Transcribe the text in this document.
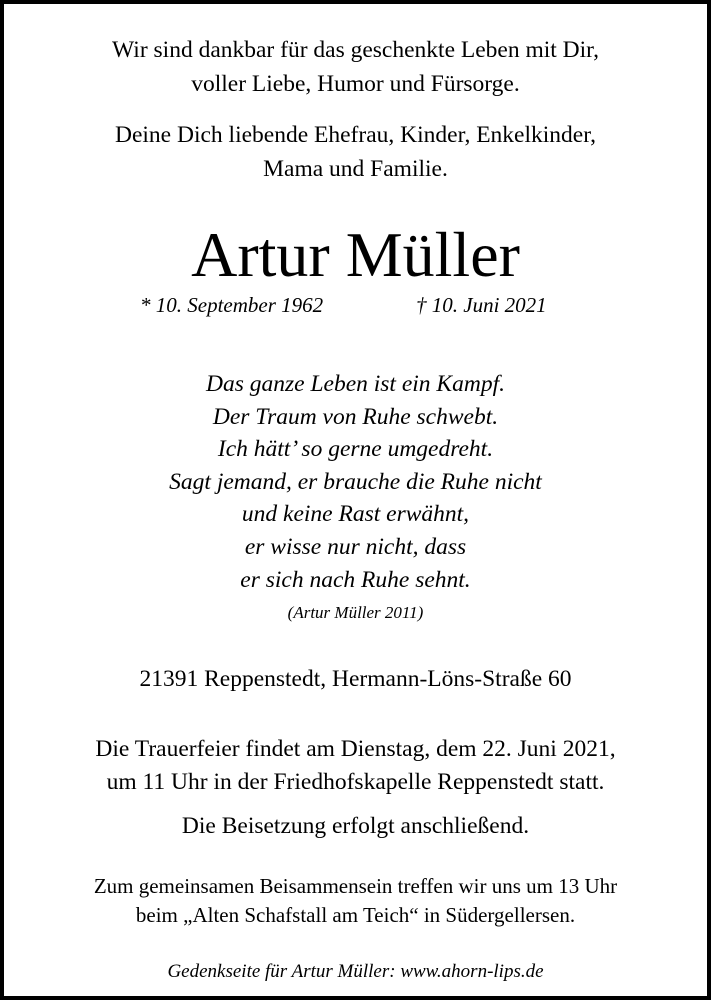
Wir sind dankbar für das geschenkte Leben mit Dir,
voller Liebe, Humor und Fürsorge.
Deine Dich liebende Ehefrau, Kinder, Enkelkinder,
Mama und Familie.
Artur Müller
* 10. September 1962	† 10. Juni 2021
Das ganze Leben ist ein Kampf.
Der Traum von Ruhe schwebt.
Ich hätt’ so gerne umgedreht.
Sagt jemand, er brauche die Ruhe nicht
und keine Rast erwähnt,
er wisse nur nicht, dass
er sich nach Ruhe sehnt.
(Artur Müller 2011)
21391 Reppenstedt, Hermann-Löns-Straße 60
Die Trauerfeier findet am Dienstag, dem 22. Juni 2021,
um 11 Uhr in der Friedhofskapelle Reppenstedt statt.
Die Beisetzung erfolgt anschließend.
Zum gemeinsamen Beisammensein treffen wir uns um 13 Uhr
beim „Alten Schafstall am Teich“ in Südergellersen.
Gedenkseite für Artur Müller: www.ahorn-lips.de
